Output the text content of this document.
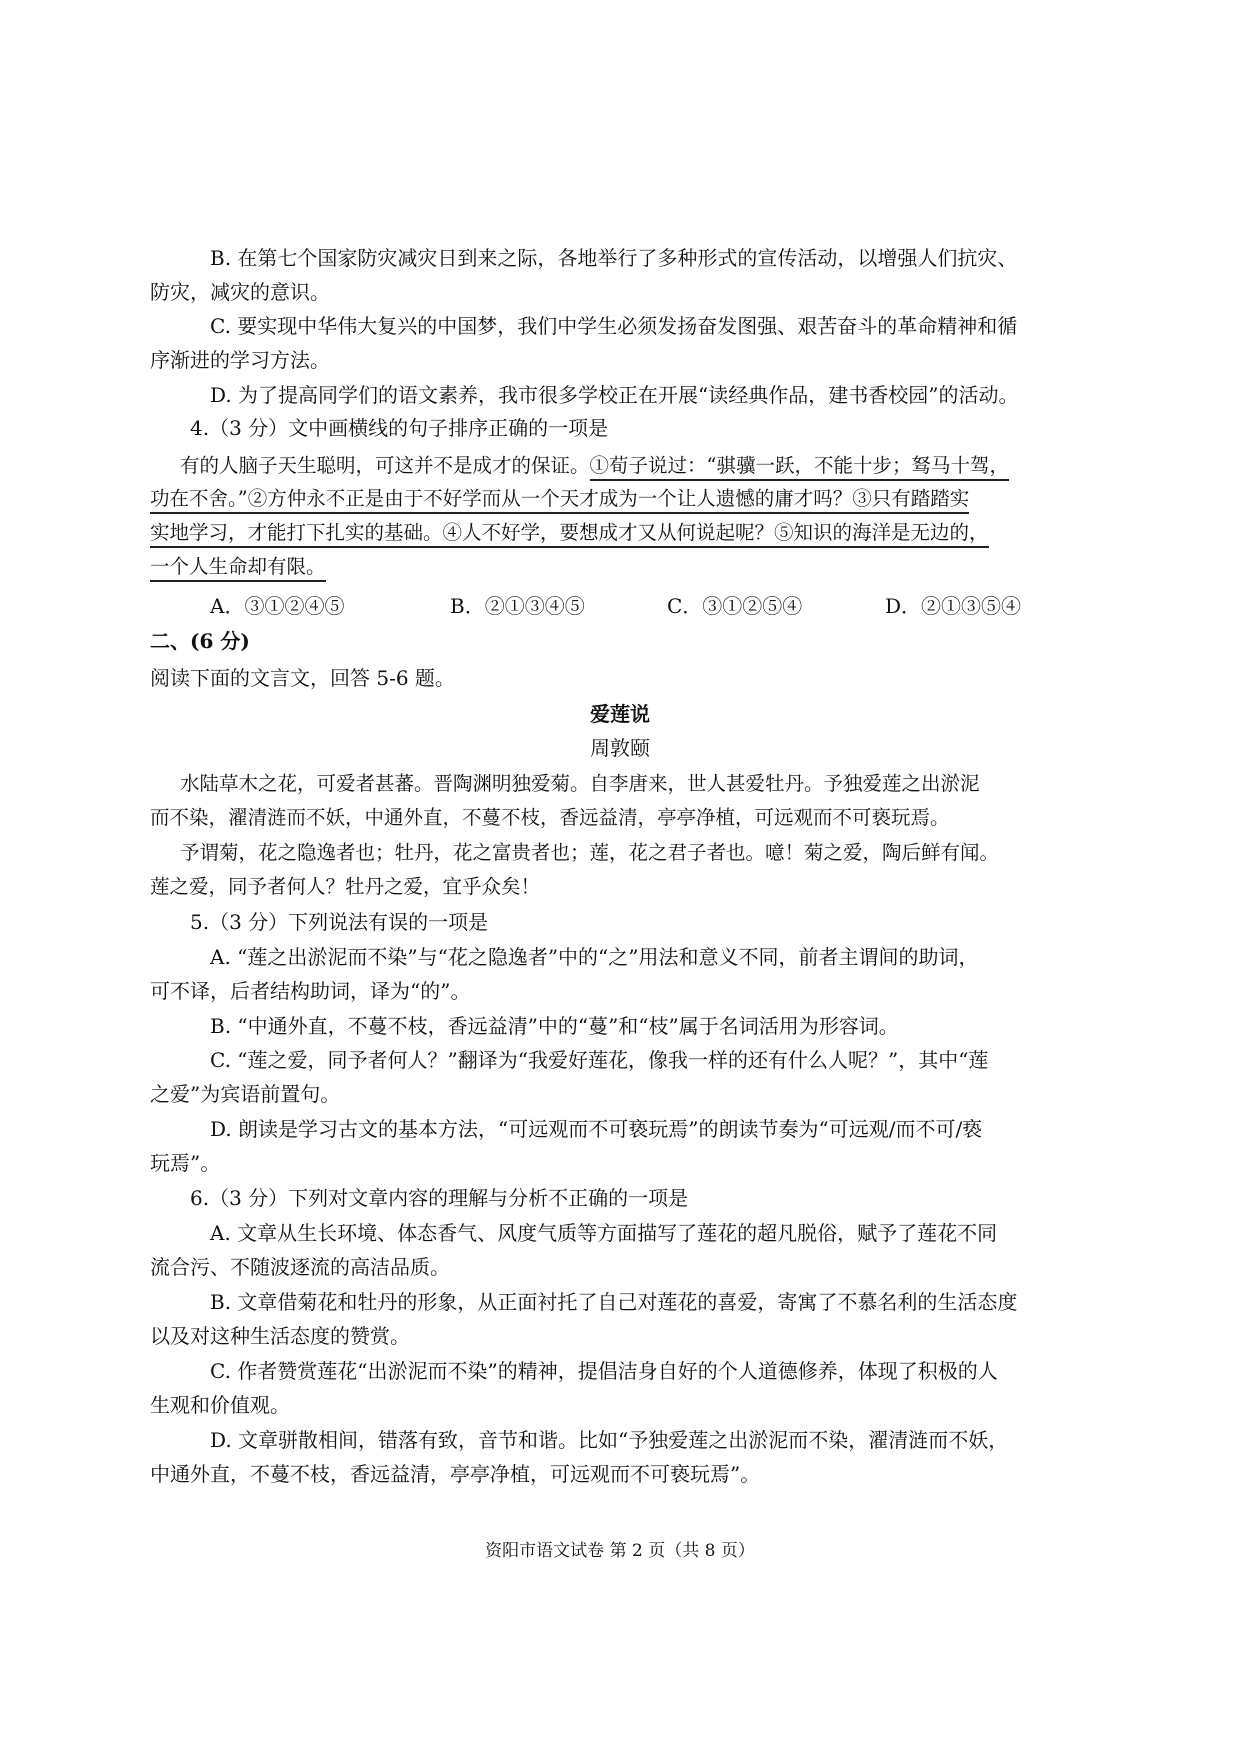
B. 在第七个国家防灾减灾日到来之际，各地举行了多种形式的宣传活动，以增强人们抗灾、
防灾，减灾的意识。
C. 要实现中华伟大复兴的中国梦，我们中学生必须发扬奋发图强、艰苦奋斗的革命精神和循
序渐进的学习方法。
D. 为了提高同学们的语文素养，我市很多学校正在开展“读经典作品，建书香校园”的活动。
4.（3 分）文中画横线的句子排序正确的一项是
有的人脑子天生聪明，可这并不是成才的保证。①荀子说过：“骐骥一跃，不能十步；驽马十驾，
功在不舍。”②方仲永不正是由于不好学而从一个天才成为一个让人遗憾的庸才吗？③只有踏踏实
实地学习，才能打下扎实的基础。④人不好学，要想成才又从何说起呢？⑤知识的海洋是无边的，
一个人生命却有限。
A．③①②④⑤	B．②①③④⑤	C．③①②⑤④	D．②①③⑤④
二、(6 分)
阅读下面的文言文，回答 5-6 题。
爱莲说
周敦颐
水陆草木之花，可爱者甚蕃。晋陶渊明独爱菊。自李唐来，世人甚爱牡丹。予独爱莲之出淤泥
而不染，濯清涟而不妖，中通外直，不蔓不枝，香远益清，亭亭净植，可远观而不可亵玩焉。
予谓菊，花之隐逸者也；牡丹，花之富贵者也；莲，花之君子者也。噫！菊之爱，陶后鲜有闻。
莲之爱，同予者何人？牡丹之爱，宜乎众矣！
5.（3 分）下列说法有误的一项是
A. “莲之出淤泥而不染”与“花之隐逸者”中的“之”用法和意义不同，前者主谓间的助词，
可不译，后者结构助词，译为“的”。
B. “中通外直，不蔓不枝，香远益清”中的“蔓”和“枝”属于名词活用为形容词。
C. “莲之爱，同予者何人？”翻译为“我爱好莲花，像我一样的还有什么人呢？”，其中“莲
之爱”为宾语前置句。
D. 朗读是学习古文的基本方法，“可远观而不可亵玩焉”的朗读节奏为“可远观/而不可/亵
玩焉”。
6.（3 分）下列对文章内容的理解与分析不正确的一项是
A. 文章从生长环境、体态香气、风度气质等方面描写了莲花的超凡脱俗，赋予了莲花不同
流合污、不随波逐流的高洁品质。
B. 文章借菊花和牡丹的形象，从正面衬托了自己对莲花的喜爱，寄寓了不慕名利的生活态度
以及对这种生活态度的赞赏。
C. 作者赞赏莲花“出淤泥而不染”的精神，提倡洁身自好的个人道德修养，体现了积极的人
生观和价值观。
D. 文章骈散相间，错落有致，音节和谐。比如“予独爱莲之出淤泥而不染，濯清涟而不妖，
中通外直，不蔓不枝，香远益清，亭亭净植，可远观而不可亵玩焉”。
资阳市语文试卷 第 2 页（共 8 页）
